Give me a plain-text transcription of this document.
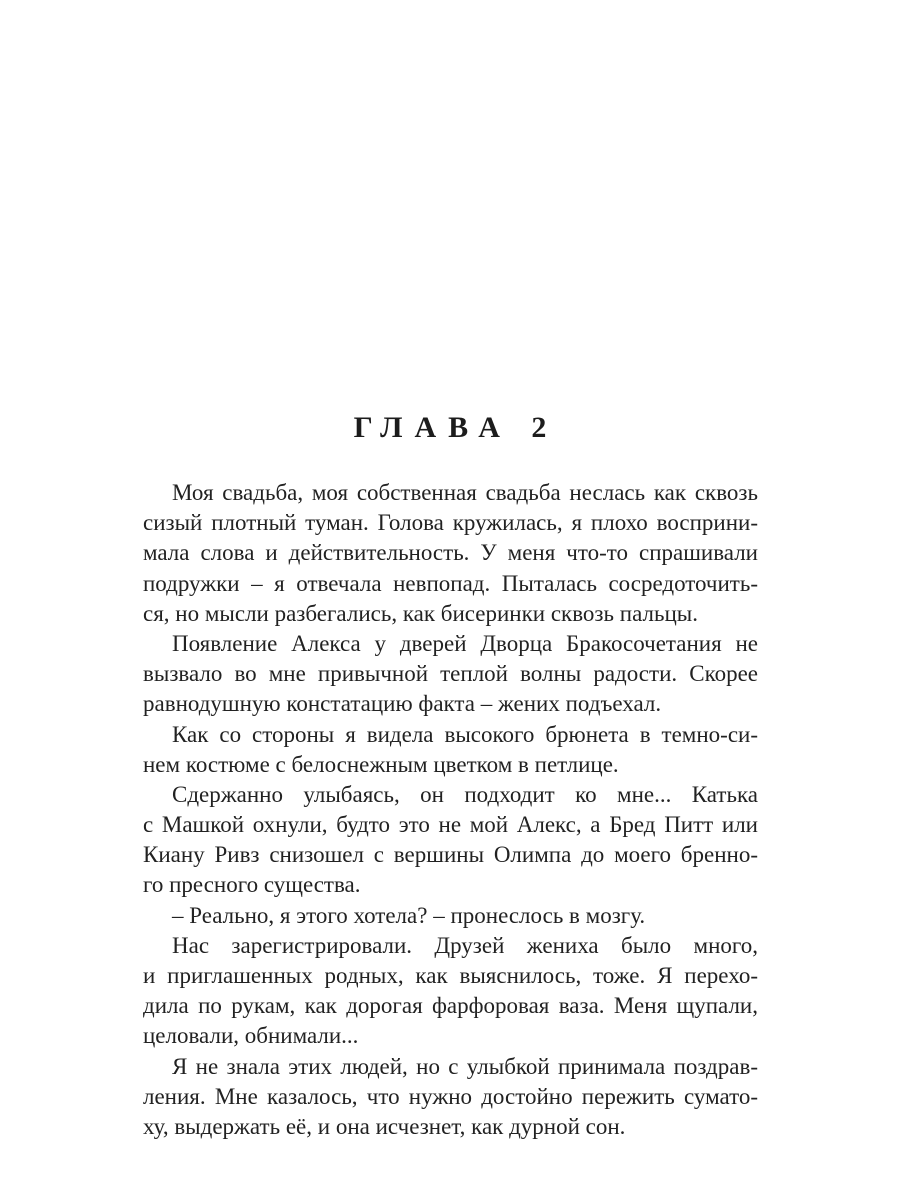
ГЛАВА 2
Моя свадьба, моя собственная свадьба неслась как сквозь
сизый плотный туман. Голова кружилась, я плохо восприни-
мала слова и действительность. У меня что-то спрашивали
подружки – я отвечала невпопад. Пыталась сосредоточить-
ся, но мысли разбегались, как бисеринки сквозь пальцы.
Появление Алекса у дверей Дворца Бракосочетания не
вызвало во мне привычной теплой волны радости. Скорее
равнодушную констатацию факта – жених подъехал.
Как со стороны я видела высокого брюнета в темно-си-
нем костюме с белоснежным цветком в петлице.
Сдержанно улыбаясь, он подходит ко мне... Катька
с Машкой охнули, будто это не мой Алекс, а Бред Питт или
Киану Ривз снизошел с вершины Олимпа до моего бренно-
го пресного существа.
– Реально, я этого хотела? – пронеслось в мозгу.
Нас зарегистрировали. Друзей жениха было много,
и приглашенных родных, как выяснилось, тоже. Я перехо-
дила по рукам, как дорогая фарфоровая ваза. Меня щупали,
целовали, обнимали...
Я не знала этих людей, но с улыбкой принимала поздрав-
ления. Мне казалось, что нужно достойно пережить сумато-
ху, выдержать её, и она исчезнет, как дурной сон.
